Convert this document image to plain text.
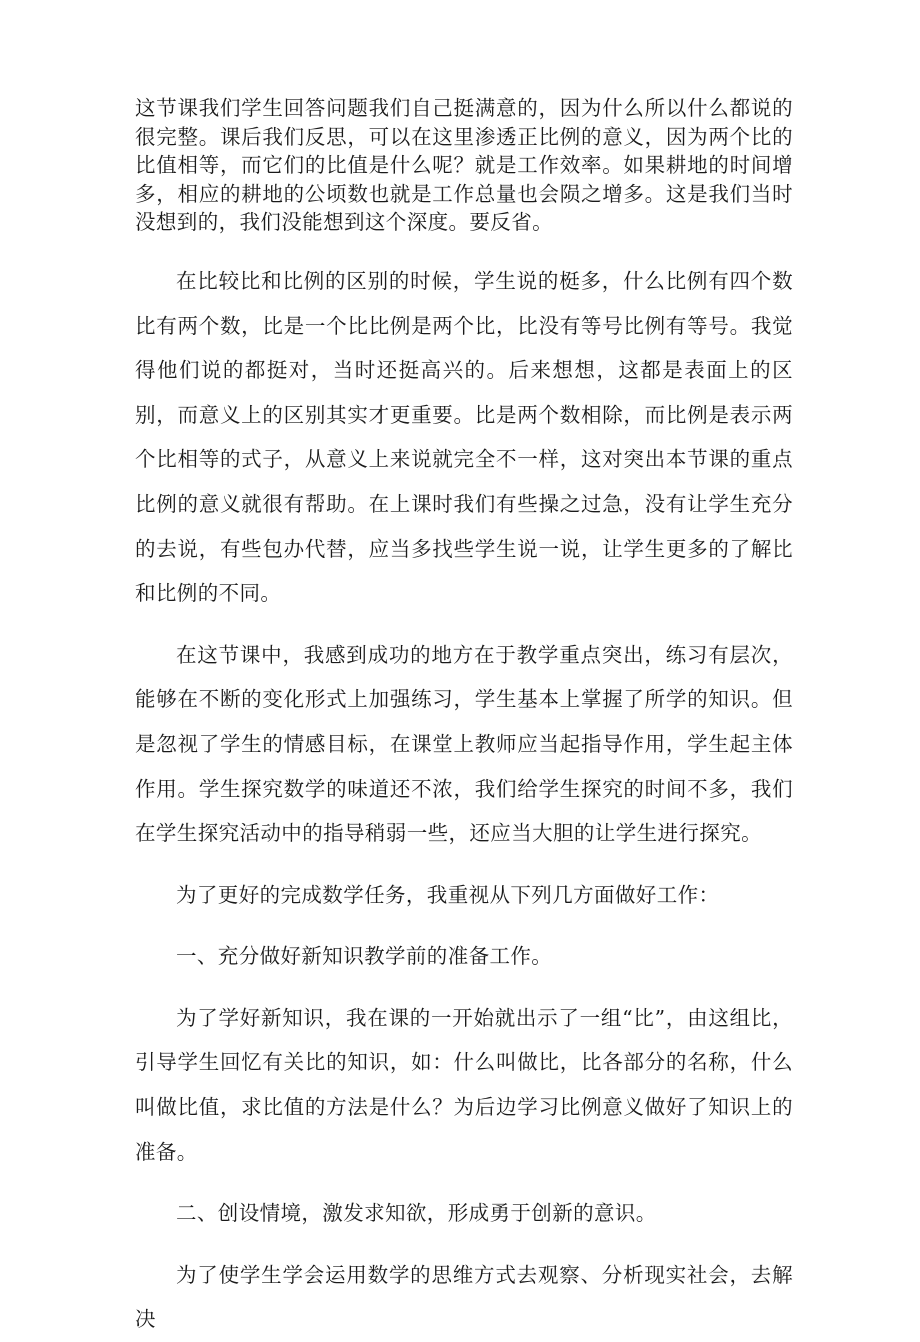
这节课我们学生回答问题我们自己挺满意的，因为什么所以什么都说的很完整。课后我们反思，可以在这里渗透正比例的意义，因为两个比的比值相等，而它们的比值是什么呢？就是工作效率。如果耕地的时间增多，相应的耕地的公顷数也就是工作总量也会陨之增多。这是我们当时没想到的，我们没能想到这个深度。要反省。

在比较比和比例的区别的时候，学生说的梃多，什么比例有四个数比有两个数，比是一个比比例是两个比，比没有等号比例有等号。我觉得他们说的都挺对，当时还挺高兴的。后来想想，这都是表面上的区别，而意义上的区别其实才更重要。比是两个数相除，而比例是表示两个比相等的式子，从意义上来说就完全不一样，这对突出本节课的重点比例的意义就很有帮助。在上课时我们有些操之过急，没有让学生充分的去说，有些包办代替，应当多找些学生说一说，让学生更多的了解比和比例的不同。

在这节课中，我感到成功的地方在于教学重点突出，练习有层次，能够在不断的变化形式上加强练习，学生基本上掌握了所学的知识。但是忽视了学生的情感目标，在课堂上教师应当起指导作用，学生起主体作用。学生探究数学的味道还不浓，我们给学生探究的时间不多，我们在学生探究活动中的指导稍弱一些，还应当大胆的让学生进行探究。

为了更好的完成数学任务，我重视从下列几方面做好工作：

一、充分做好新知识教学前的准备工作。

为了学好新知识，我在课的一开始就出示了一组“比”，由这组比，引导学生回忆有关比的知识，如：什么叫做比，比各部分的名称，什么叫做比值，求比值的方法是什么？为后边学习比例意义做好了知识上的准备。

二、创设情境，激发求知欲，形成勇于创新的意识。

为了使学生学会运用数学的思维方式去观察、分析现实社会，去解决
